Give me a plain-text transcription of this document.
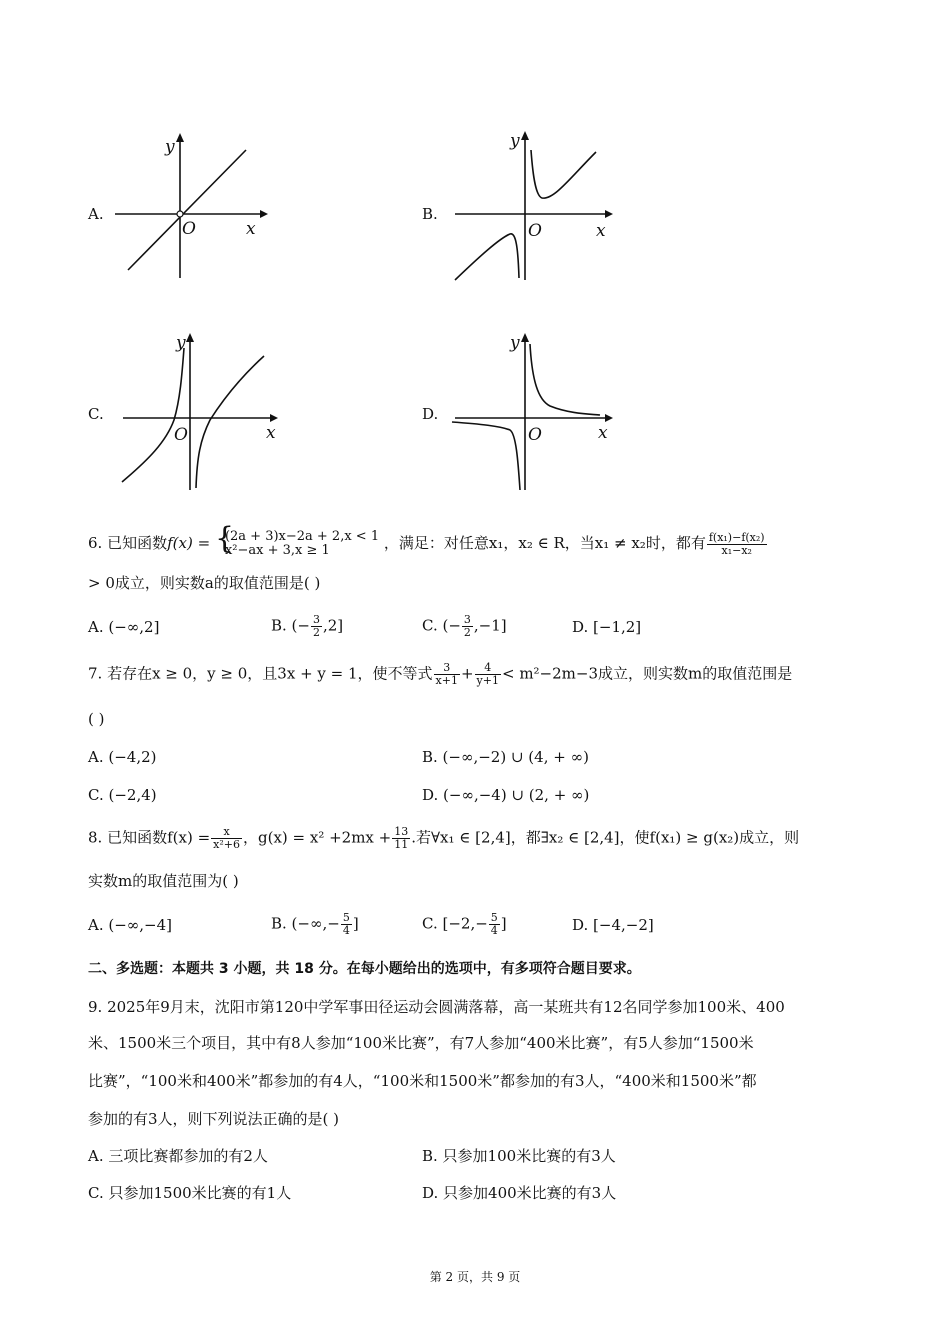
A.
y
O	x
B.
y
O	x
C.
y
O	x
D.
y
O	x
6. 已知函数f(x) =
{ (2a + 3)x−2a + 2,x < 1
x²−ax + 3,x ≥ 1	，满足：对任意x₁，x₂ ∈ R，当x₁ ≠ x₂时，都有 $\frac{\text{f(x₁)−f(x₂)}}{\text{x₁−x₂}}$
> 0成立，则实数a的取值范围是( )
A. (−∞,2]	B. (− $\frac{3}{2} ,2$]	C. (− $\frac{3}{2} ,-1$]	D. [−1,2]
7. 若存在x ≥ 0，y ≥ 0，且3x + y = 1，使不等式 $\frac{3}{x+1} + \frac{4}{y+1} < m^2-2m-3$成立，则实数m的取值范围是
( )
A. (−4,2)	B. (−∞,−2) ∪ (4, + ∞)
C. (−2,4)	D. (−∞,−4) ∪ (2, + ∞)
8. 已知函数$f(x) = \frac{x}{\text{x²+6}}$ ，$g(x) = x^2 +2mx + \frac{13}{11}$ .若∀x₁ ∈ [2,4]，都∃x₂ ∈ [2,4]，使f(x₁) ≥ g(x₂)成立，则
实数m的取值范围为( )
A. (−∞,−4]	B. (−∞,− $\frac{5}{4}$ ]	C. [$-2,- \frac{5}{4}$ ]	D. [−4,−2]
二、多选题：本题共 3 小题，共 18 分。在每小题给出的选项中，有多项符合题目要求。
9. 2025年9月末，沈阳市第120中学军事田径运动会圆满落幕，高一某班共有12名同学参加100米、400
米、1500米三个项目，其中有8人参加“100米比赛”，有7人参加“400米比赛”，有5人参加“1500米
比赛”，“100米和400米”都参加的有4人，“100米和1500米”都参加的有3人，“400米和1500米”都
参加的有3人，则下列说法正确的是( )
A. 三项比赛都参加的有2人	B. 只参加100米比赛的有3人
C. 只参加1500米比赛的有1人	D. 只参加400米比赛的有3人
第 2 页，共 9 页
